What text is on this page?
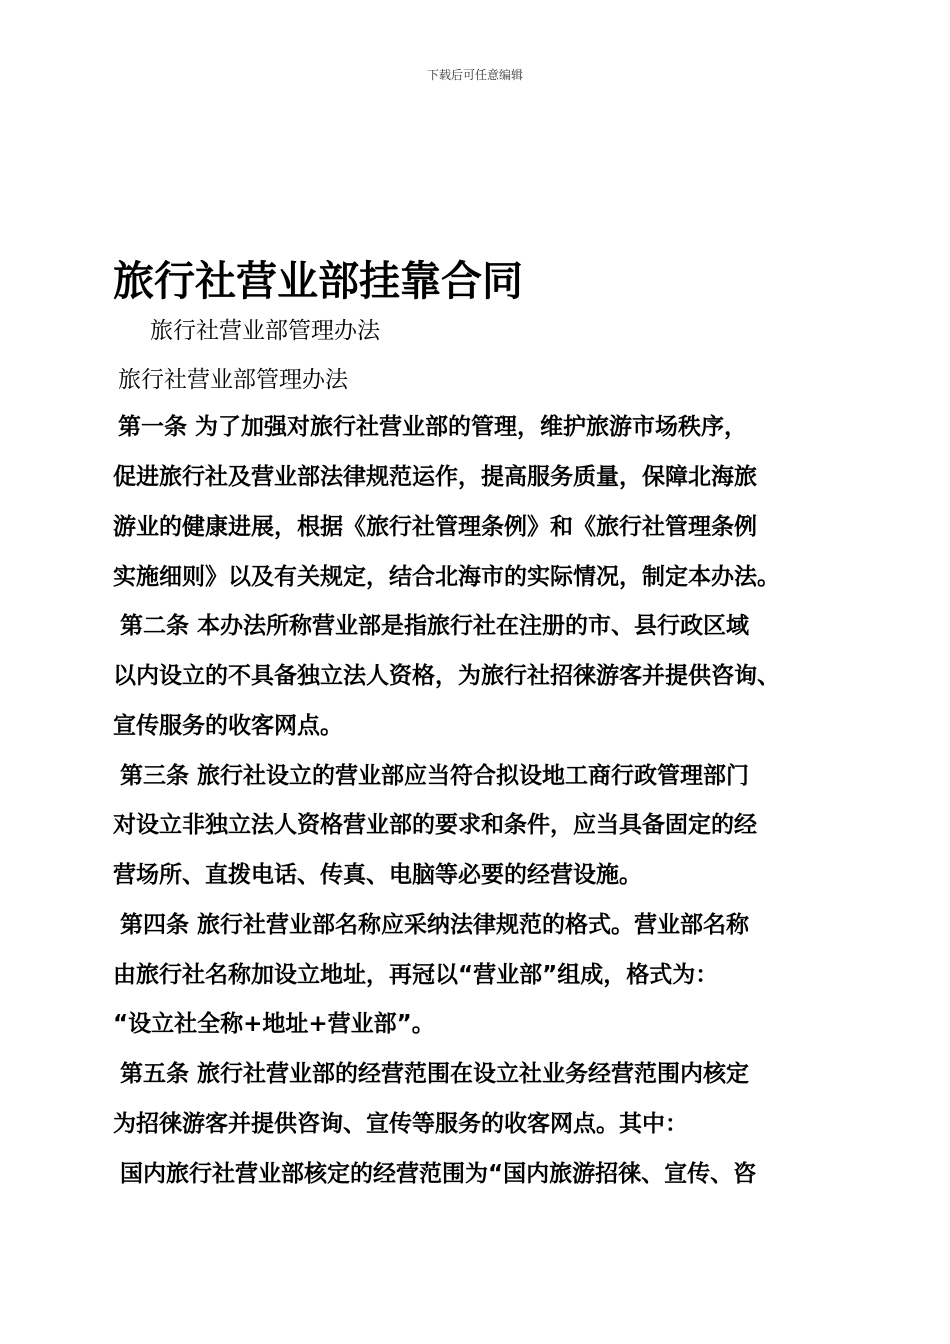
下载后可任意编辑
旅行社营业部挂靠合同
旅行社营业部管理办法
旅行社营业部管理办法
第一条 为了加强对旅行社营业部的管理，维护旅游市场秩序，
促进旅行社及营业部法律规范运作，提高服务质量，保障北海旅
游业的健康进展，根据《旅行社管理条例》和《旅行社管理条例
实施细则》以及有关规定，结合北海市的实际情况，制定本办法。
第二条 本办法所称营业部是指旅行社在注册的市、县行政区域
以内设立的不具备独立法人资格，为旅行社招徕游客并提供咨询、
宣传服务的收客网点。
第三条 旅行社设立的营业部应当符合拟设地工商行政管理部门
对设立非独立法人资格营业部的要求和条件，应当具备固定的经
营场所、直拨电话、传真、电脑等必要的经营设施。
第四条 旅行社营业部名称应采纳法律规范的格式。营业部名称
由旅行社名称加设立地址，再冠以“营业部”组成，格式为：
“设立社全称+地址+营业部”。
第五条 旅行社营业部的经营范围在设立社业务经营范围内核定
为招徕游客并提供咨询、宣传等服务的收客网点。其中：
国内旅行社营业部核定的经营范围为“国内旅游招徕、宣传、咨
